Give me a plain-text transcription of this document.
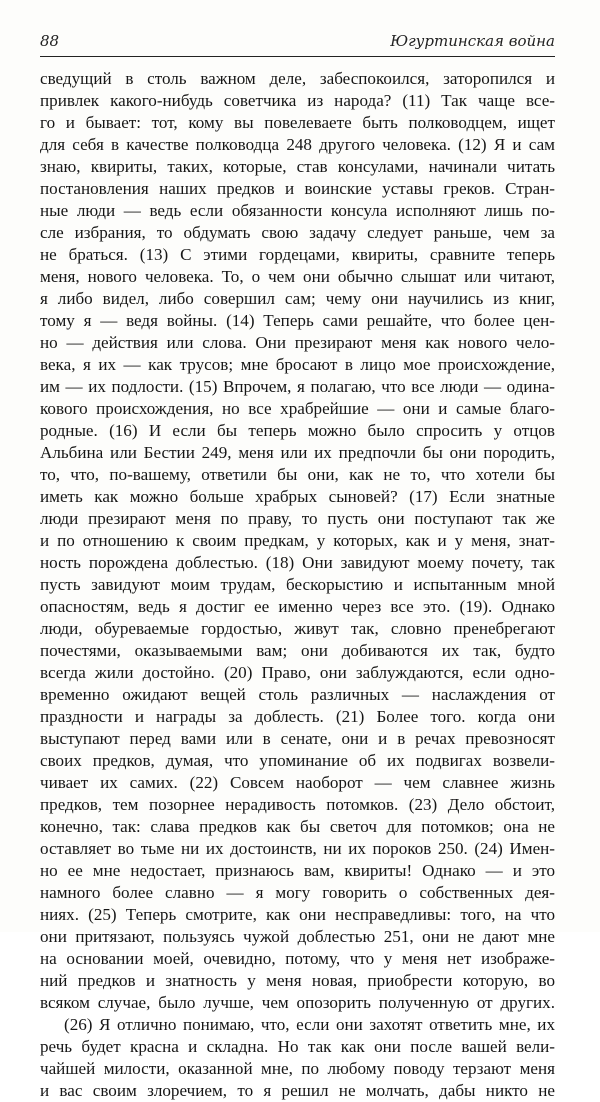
88	Югуртинская война
сведущий в столь важном деле, забеспокоился, заторопился и
привлек какого-нибудь советчика из народа? (11) Так чаще все-
го и бывает: тот, кому вы повелеваете быть полководцем, ищет
для себя в качестве полководца 248 другого человека. (12) Я и сам
знаю, квириты, таких, которые, став консулами, начинали читать
постановления наших предков и воинские уставы греков. Стран-
ные люди — ведь если обязанности консула исполняют лишь по-
сле избрания, то обдумать свою задачу следует раньше, чем за
не браться. (13) С этими гордецами, квириты, сравните теперь
меня, нового человека. То, о чем они обычно слышат или читают,
я либо видел, либо совершил сам; чему они научились из книг,
тому я — ведя войны. (14) Теперь сами решайте, что более цен-
но — действия или слова. Они презирают меня как нового чело-
века, я их — как трусов; мне бросают в лицо мое происхождение,
им — их подлости. (15) Впрочем, я полагаю, что все люди — одина-
кового происхождения, но все храбрейшие — они и самые благо-
родные. (16) И если бы теперь можно было спросить у отцов
Альбина или Бестии 249, меня или их предпочли бы они породить,
то, что, по-вашему, ответили бы они, как не то, что хотели бы
иметь как можно больше храбрых сыновей? (17) Если знатные
люди презирают меня по праву, то пусть они поступают так же
и по отношению к своим предкам, у которых, как и у меня, знат-
ность порождена доблестью. (18) Они завидуют моему почету, так
пусть завидуют моим трудам, бескорыстию и испытанным мной
опасностям, ведь я достиг ее именно через все это. (19). Однако
люди, обуреваемые гордостью, живут так, словно пренебрегают
почестями, оказываемыми вам; они добиваются их так, будто
всегда жили достойно. (20) Право, они заблуждаются, если одно-
временно ожидают вещей столь различных — наслаждения от
праздности и награды за доблесть. (21) Более того. когда они
выступают перед вами или в сенате, они и в речах превозносят
своих предков, думая, что упоминание об их подвигах возвели-
чивает их самих. (22) Совсем наоборот — чем славнее жизнь
предков, тем позорнее нерадивость потомков. (23) Дело обстоит,
конечно, так: слава предков как бы светоч для потомков; она не
оставляет во тьме ни их достоинств, ни их пороков 250. (24) Имен-
но ее мне недостает, признаюсь вам, квириты! Однако — и это
намного более славно — я могу говорить о собственных дея-
ниях. (25) Теперь смотрите, как они несправедливы: того, на что
они притязают, пользуясь чужой доблестью 251, они не дают мне
на основании моей, очевидно, потому, что у меня нет изображе-
ний предков и знатность у меня новая, приобрести которую, во
всяком случае, было лучше, чем опозорить полученную от других.
(26) Я отлично понимаю, что, если они захотят ответить мне, их
речь будет красна и складна. Но так как они после вашей вели-
чайшей милости, оказанной мне, по любому поводу терзают меня
и вас своим злоречием, то я решил не молчать, дабы никто не
